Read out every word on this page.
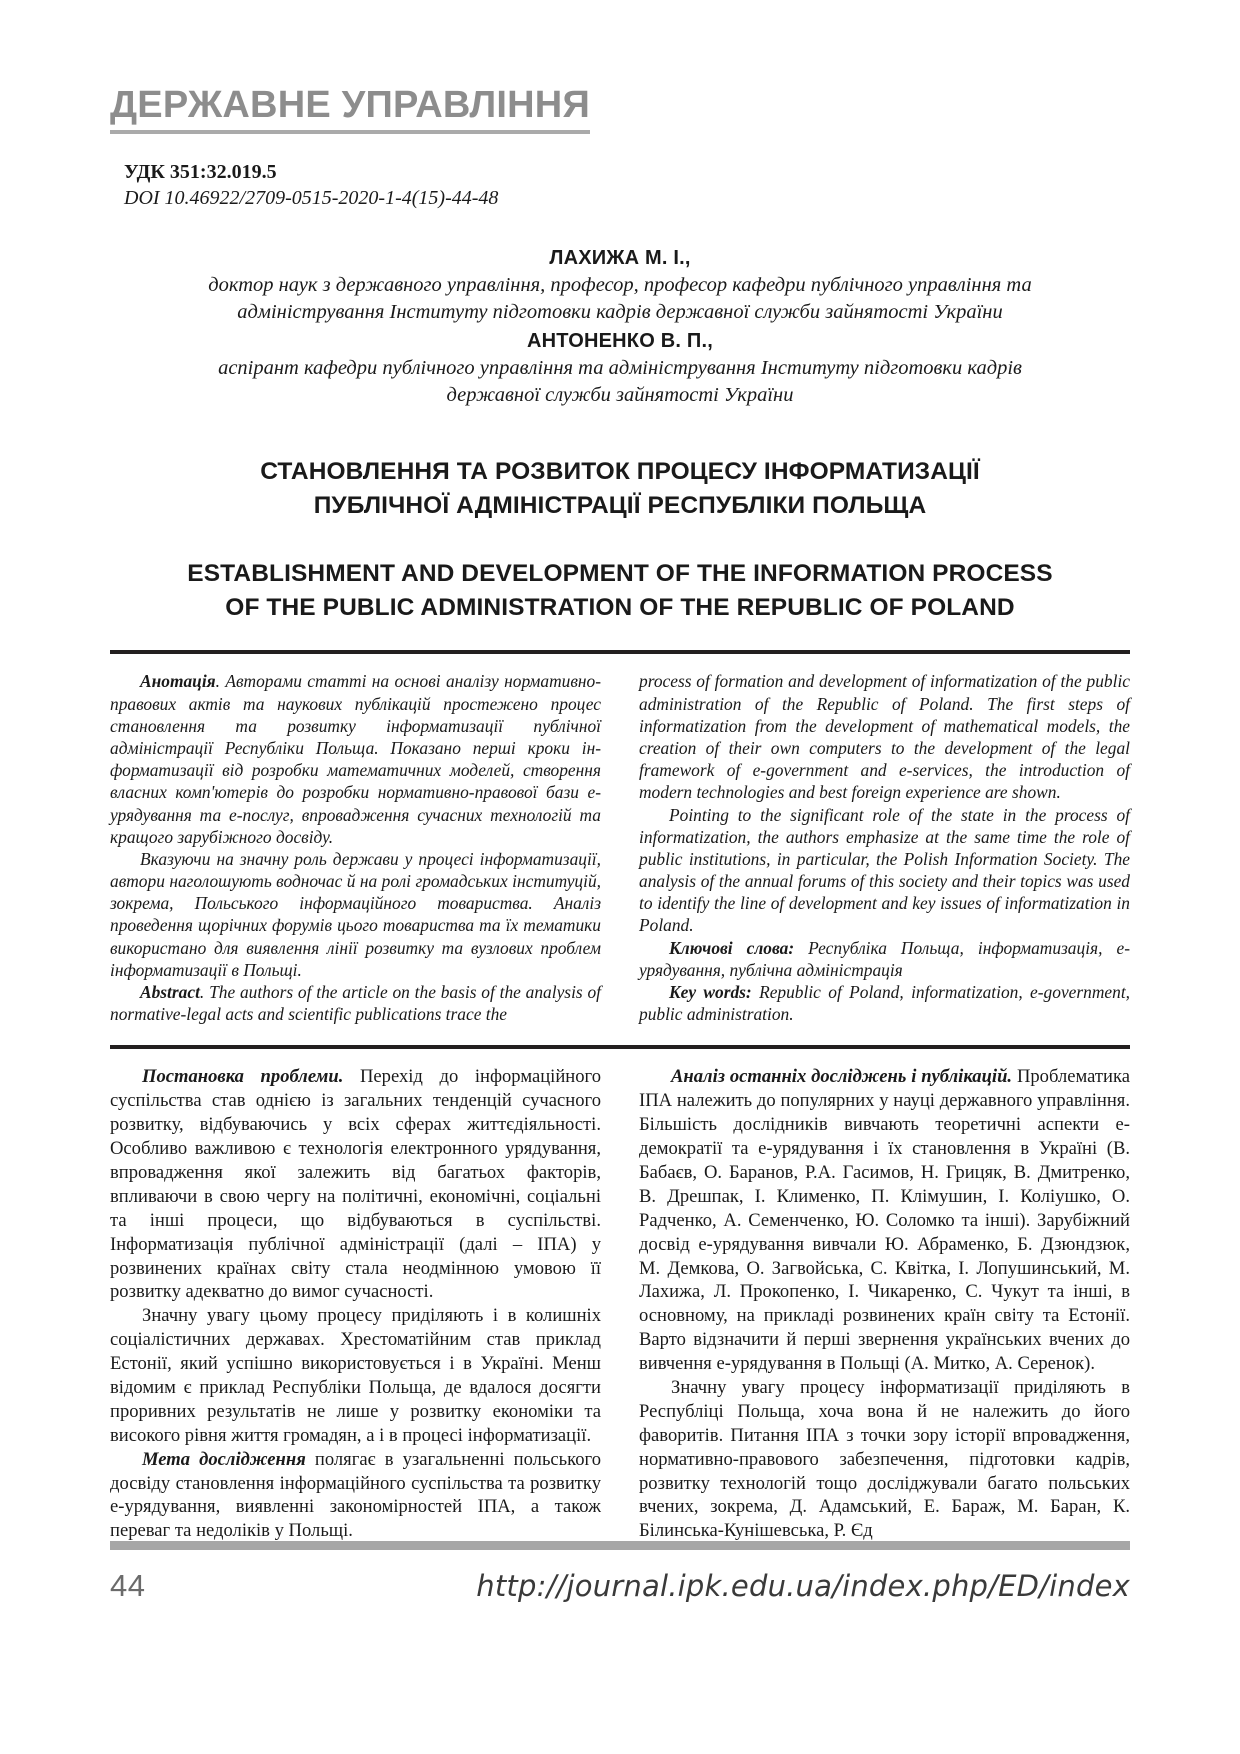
ДЕРЖАВНЕ УПРАВЛІННЯ
УДК 351:32.019.5
DOI 10.46922/2709-0515-2020-1-4(15)-44-48
ЛАХИЖА М. І.,
доктор наук з державного управління, професор, професор кафедри публічного управління та
адміністрування Інституту підготовки кадрів державної служби зайнятості України
АНТОНЕНКО В. П.,
аспірант кафедри публічного управління та адміністрування Інституту підготовки кадрів
державної служби зайнятості України
СТАНОВЛЕННЯ ТА РОЗВИТОК ПРОЦЕСУ ІНФОРМАТИЗАЦІЇ
ПУБЛІЧНОЇ АДМІНІСТРАЦІЇ РЕСПУБЛІКИ ПОЛЬЩА
ESTABLISHMENT AND DEVELOPMENT OF THE INFORMATION PROCESS
OF THE PUBLIC ADMINISTRATION OF THE REPUBLIC OF POLAND

Анотація. Авторами статті на основі аналізу нормативно-правових актів та наукових публікацій простежено процес становлення та розвитку інформатизації публічної адміністрації Республіки Польща. Показано перші кроки інформатизації від розробки математичних моделей, створення власних комп'ютерів до розробки нормативно-правової бази е-урядування та е-послуг, впровадження сучасних технологій та кращого зарубіжного досвіду.

Вказуючи на значну роль держави у процесі інформатизації, автори наголошують водночас й на ролі громадських інституцій, зокрема, Польського інформаційного товариства. Аналіз проведення щорічних форумів цього товариства та їх тематики використано для виявлення лінії розвитку та вузлових проблем інформатизації в Польщі.

Abstract. The authors of the article on the basis of the analysis of normative-legal acts and scientific publications trace the

process of formation and development of informatization of the public administration of the Republic of Poland. The first steps of informatization from the development of mathematical models, the creation of their own computers to the development of the legal framework of e-government and e-services, the introduction of modern technologies and best foreign experience are shown.

Pointing to the significant role of the state in the process of informatization, the authors emphasize at the same time the role of public institutions, in particular, the Polish Information Society. The analysis of the annual forums of this society and their topics was used to identify the line of development and key issues of informatization in Poland.

Ключові слова: Республіка Польща, інформатизація, е-урядування, публічна адміністрація

Key words: Republic of Poland, informatization, e-government, public administration.

Постановка проблеми. Перехід до інформаційного суспільства став однією із загальних тенденцій сучасного розвитку, відбуваючись у всіх сферах життєдіяльності. Особливо важливою є технологія електронного урядування, впровадження якої залежить від багатьох факторів, впливаючи в свою чергу на політичні, економічні, соціальні та інші процеси, що відбуваються в суспільстві. Інформатизація публічної адміністрації (далі – ІПА) у розвинених країнах світу стала неодмінною умовою її розвитку адекватно до вимог сучасності.

Значну увагу цьому процесу приділяють і в колишніх соціалістичних державах. Хрестоматійним став приклад Естонії, який успішно використовується і в Україні. Менш відомим є приклад Республіки Польща, де вдалося досягти проривних результатів не лише у розвитку економіки та високого рівня життя громадян, а і в процесі інформатизації.

Мета дослідження полягає в узагальненні польського досвіду становлення інформаційного суспільства та розвитку е-урядування, виявленні закономірностей ІПА, а також переваг та недоліків у Польщі.

Аналіз останніх досліджень і публікацій. Проблематика ІПА належить до популярних у науці державного управління. Більшість дослідників вивчають теоретичні аспекти е-демократії та е-урядування і їх становлення в Україні (В. Бабаєв, О. Баранов, Р.А. Гасимов, Н. Грицяк, В. Дмитренко, В. Дрешпак, І. Клименко, П. Клімушин, І. Коліушко, О. Радченко, А. Семенченко, Ю. Соломко та інші). Зарубіжний досвід е-урядування вивчали Ю. Абраменко, Б. Дзюндзюк, М. Демкова, О. Загвойська, С. Квітка, І. Лопушинський, М. Лахижа, Л. Прокопенко, І. Чикаренко, С. Чукут та інші, в основному, на прикладі розвинених країн світу та Естонії. Варто відзначити й перші звернення українських вчених до вивчення е-урядування в Польщі (А. Митко, А. Серенок).

Значну увагу процесу інформатизації приділяють в Республіці Польща, хоча вона й не належить до його фаворитів. Питання ІПА з точки зору історії впровадження, нормативно-правового забезпечення, підготовки кадрів, розвитку технологій тощо досліджували багато польських вчених, зокрема, Д. Адамський, Е. Бараж, М. Баран, К. Білинська-Кунішевська, Р. Єд

44	http://journal.ipk.edu.ua/index.php/ED/index
